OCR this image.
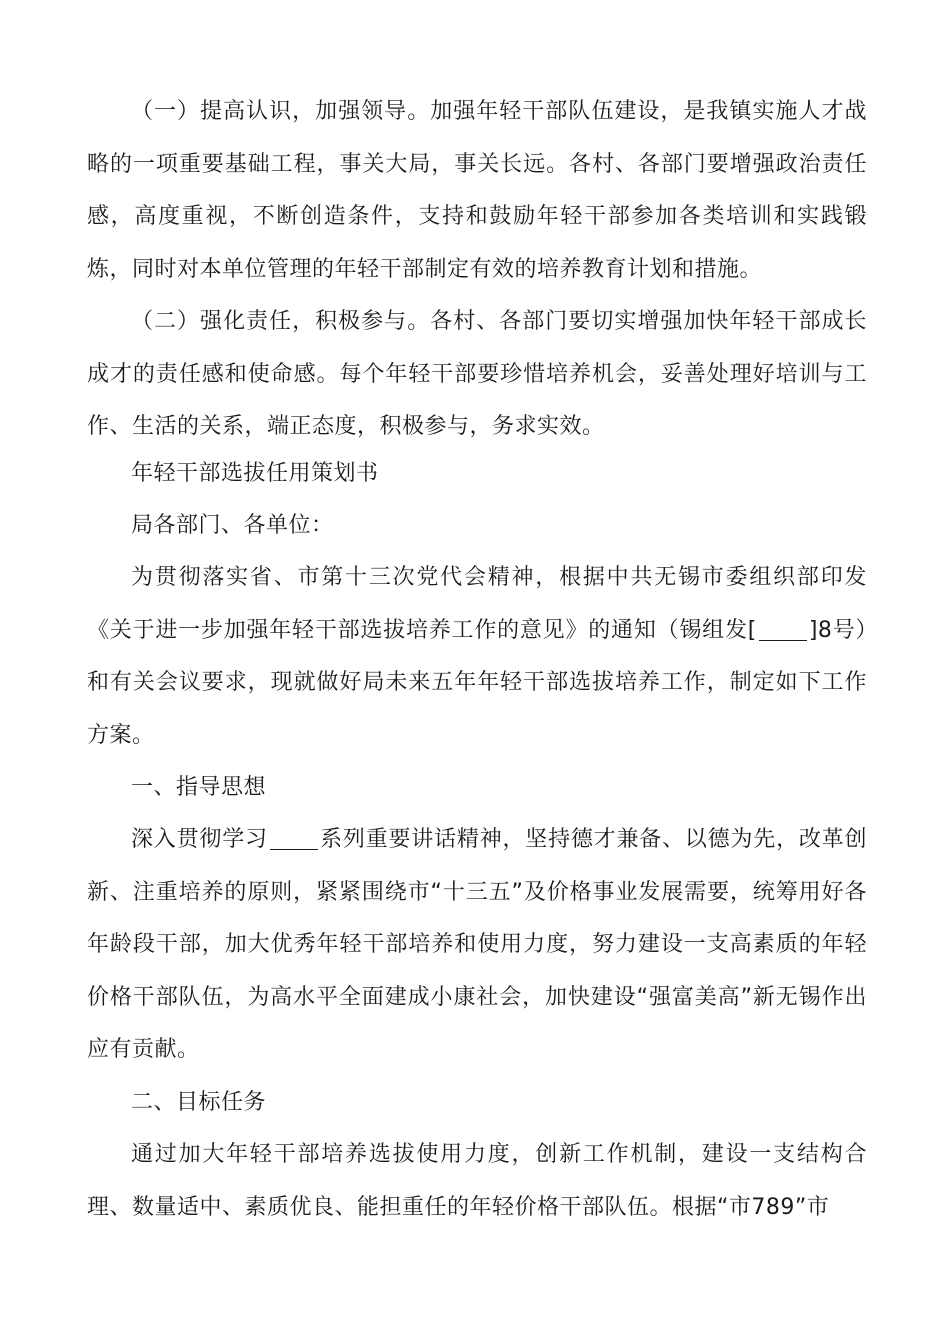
（一）提高认识，加强领导。加强年轻干部队伍建设，是我镇实施人才战略的一项重要基础工程，事关大局，事关长远。各村、各部门要增强政治责任感，高度重视，不断创造条件，支持和鼓励年轻干部参加各类培训和实践锻炼，同时对本单位管理的年轻干部制定有效的培养教育计划和措施。

（二）强化责任，积极参与。各村、各部门要切实增强加快年轻干部成长成才的责任感和使命感。每个年轻干部要珍惜培养机会，妥善处理好培训与工作、生活的关系，端正态度，积极参与，务求实效。

年轻干部选拔任用策划书

局各部门、各单位：

为贯彻落实省、市第十三次党代会精神，根据中共无锡市委组织部印发《关于进一步加强年轻干部选拔培养工作的意见》的通知（锡组发[ ]8号）和有关会议要求，现就做好局未来五年年轻干部选拔培养工作，制定如下工作方案。

一、指导思想

深入贯彻学习 系列重要讲话精神，坚持德才兼备、以德为先，改革创新、注重培养的原则，紧紧围绕市“十三五”及价格事业发展需要，统筹用好各年龄段干部，加大优秀年轻干部培养和使用力度，努力建设一支高素质的年轻价格干部队伍，为高水平全面建成小康社会，加快建设“强富美高”新无锡作出应有贡献。

二、目标任务

通过加大年轻干部培养选拔使用力度，创新工作机制，建设一支结构合理、数量适中、素质优良、能担重任的年轻价格干部队伍。根据“市789”市
